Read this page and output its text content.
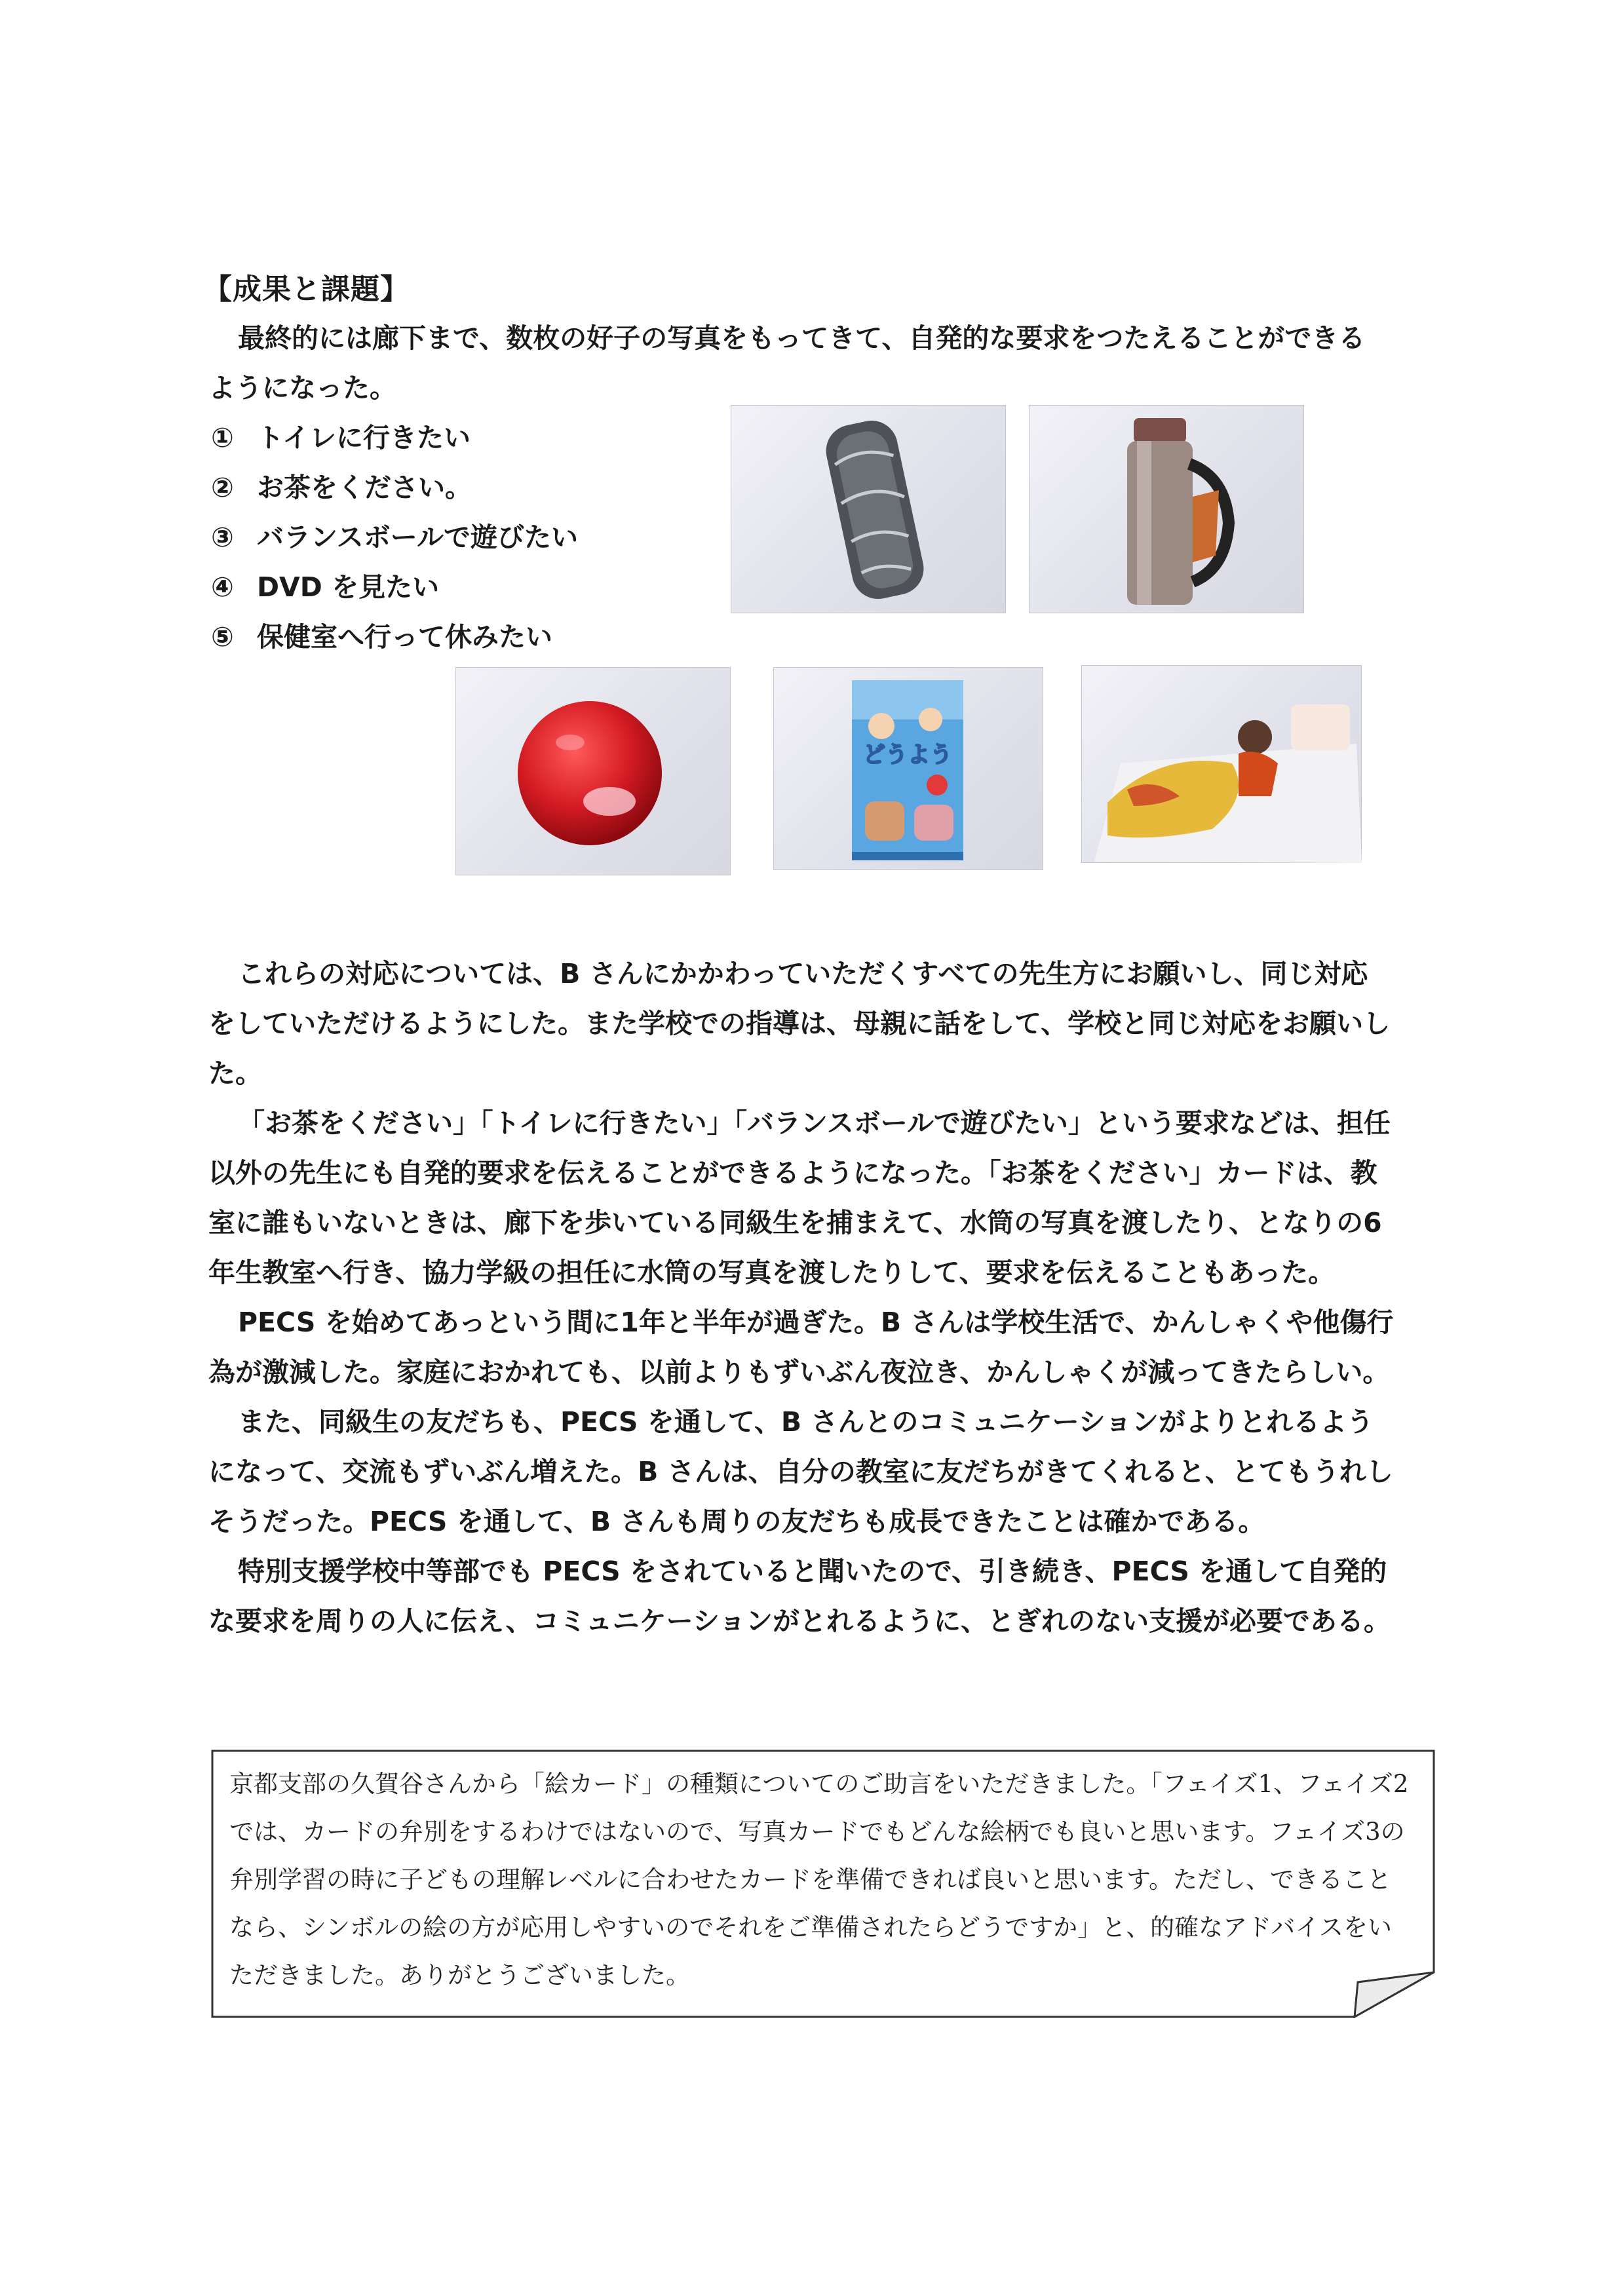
【成果と課題】
最終的には廊下まで、数枚の好子の写真をもってきて、自発的な要求をつたえることができるようになった。
① トイレに行きたい
② お茶をください。
③ バランスボールで遊びたい
④ DVD を見たい
⑤ 保健室へ行って休みたい
どうよう

これらの対応については、B さんにかかわっていただくすべての先生方にお願いし、同じ対応をしていただけるようにした。また学校での指導は、母親に話をして、学校と同じ対応をお願いした。

「お茶をください」「トイレに行きたい」「バランスボールで遊びたい」という要求などは、担任以外の先生にも自発的要求を伝えることができるようになった。「お茶をください」カードは、教室に誰もいないときは、廊下を歩いている同級生を捕まえて、水筒の写真を渡したり、となりの6年生教室へ行き、協力学級の担任に水筒の写真を渡したりして、要求を伝えることもあった。

PECS を始めてあっという間に1年と半年が過ぎた。B さんは学校生活で、かんしゃくや他傷行為が激減した。家庭におかれても、以前よりもずいぶん夜泣き、かんしゃくが減ってきたらしい。

また、同級生の友だちも、PECS を通して、B さんとのコミュニケーションがよりとれるようになって、交流もずいぶん増えた。B さんは、自分の教室に友だちがきてくれると、とてもうれしそうだった。PECS を通して、B さんも周りの友だちも成長できたことは確かである。

特別支援学校中等部でも PECS をされていると聞いたので、引き続き、PECS を通して自発的な要求を周りの人に伝え、コミュニケーションがとれるように、とぎれのない支援が必要である。

京都支部の久賀谷さんから「絵カード」の種類についてのご助言をいただきました。「フェイズ1、フェイズ2では、カードの弁別をするわけではないので、写真カードでもどんな絵柄でも良いと思います。フェイズ3の弁別学習の時に子どもの理解レベルに合わせたカードを準備できれば良いと思います。ただし、できることなら、シンボルの絵の方が応用しやすいのでそれをご準備されたらどうですか」と、的確なアドバイスをいただきました。ありがとうございました。
